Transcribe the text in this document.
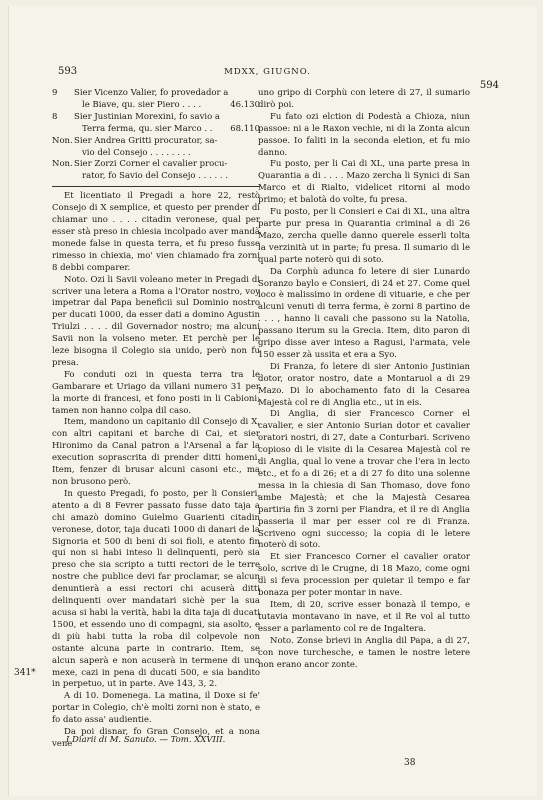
593	MDXX, GIUGNO.
594
9 Sier Vicenzo Valier, fo provedador a
le Biave, qu. sier Piero . . . .	46.130
8 Sier Justinian Morexini, fo savio a
Terra ferma, qu. sier Marco . . 68.110
Non.Sier Andrea Gritti procurator, sa-
vio del Consejo . . . . . . . .
Non.Sier Zorzi Corner el cavalier procu-
rator, fo Savio del Consejo . . . . . .

Et licentiato il Pregadi a hore 22, restò Consejo di X semplice, et questo per prender di chiamar uno . . . . citadin veronese, qual per esser stà preso in chiesia incolpado aver mandà monede false in questa terra, et fu preso fusse rimesso in chiexia, mo' vien chiamado fra zorni 8 debbi comparer.

Noto. Ozi li Savii voleano meter in Pregadi di scriver una letera a Roma a l'Orator nostro, voy impetrar dal Papa beneficii sul Dominio nostro per ducati 1000, da esser dati a domino Agustin Triulzi . . . . dil Governador nostro; ma alcuni Savii non la volseno meter. Et perchè per le leze bisogna il Colegio sia unido, però non fu presa.

Fo conduti ozi in questa terra tra le Gambarare et Uriago da villani numero 31 per la morte di francesi, et fono posti in li Cabioni; tamen non hanno colpa dil caso.

Item, mandono un capitanio dil Consejo di X, con altri capitani et barche di Cai, et sier Hironimo da Canal patron a l'Arsenal a far la execution soprascrita di prender ditti homeni. Item, fenzer di brusar alcuni casoni etc., ma non brusono però.

In questo Pregadi, fo posto, per li Consieri, atento a di 8 Fevrer passato fusse dato taja a chi amazò domino Guielmo Guarienti citadin veronese, dotor, taja ducati 1000 di danari de la Signoria et 500 di beni di soi fioli, e atento fin qui non si habi inteso li delinquenti, però sia preso che sia scripto a tutti rectori de le terre nostre che publice devi far proclamar, se alcun denuntierà a essi rectori chi acuserà ditti delinquenti over mandatari sichè per la sua acusa si habi la verità, habi la dita taja di ducati 1500, et essendo uno di compagni, sia asolto, e di più habi tutta la roba dil colpevole non ostante alcuna parte in contrario. Item, se alcun saperà e non acuserà in termene di uno mexe, cazi in pena di ducati 500, e sia bandito in perpetuo, ut in parte. Ave 143, 3, 2.

A di 10. Domenega. La matina, il Doxe si fe' portar in Colegio, ch'è molti zorni non è stato, e fo dato assa' audientie.

Da poi disnar, fo Gran Consejo, et a nona vene

341*
I Diarii di M. Sanuto. — Tom. XXVIII.

uno gripo di Corphù con letere di 27, il sumario dirò poi.

Fu fato ozi elction di Podestà a Chioza, niun passoe: ni a le Raxon vechie, ni di la Zonta alcun passoe. Io faliti in la seconda eletion, et fu mio danno.

Fu posto, per li Cai di XL, una parte presa in Quarantia a di . . . . Mazo zercha li Synici di San Marco et di Rialto, videlicet ritorni al modo primo; et balotà do volte, fu presa.

Fu posto, per li Consieri e Cai di XL, una altra parte pur presa in Quarantia criminal a di 26 Mazo, zercha quelle danno querele esserli tolta la verzinità ut in parte; fu presa. Il sumario di le qual parte noterò qui di soto.

Da Corphù adunca fo letere di sier Lunardo Soranzo baylo e Consieri, di 24 et 27. Come quel loco è malissimo in ordene di vituarie, e che per alcuni venuti di terra ferma, è zorni 8 partino de . . . , hanno li cavali che passono su la Natolia, passano iterum su la Grecia. Item, dito paron di gripo disse aver inteso a Ragusi, l'armata, vele 150 esser zà ussita et era a Syo.

Di Franza, fo letere di sier Antonio Justinian dotor, orator nostro, date a Montaruol a di 29 Mazo. Di lo abochamento fato di la Cesarea Majestà col re di Anglia etc., ut in eis.

Di Anglia, di sier Francesco Corner el cavalier, e sier Antonio Surian dotor et cavalier oratori nostri, di 27, date a Conturbari. Scriveno copioso di le visite di la Cesarea Majestà col re di Anglia, qual lo vene a trovar che l'era in lecto etc., et fo a di 26; et a di 27 fo dito una solenne messa in la chiesia di San Thomaso, dove fono ambe Majestà; et che la Majestà Cesarea partiria fin 3 zorni per Fiandra, et il re di Anglia passeria il mar per esser col re di Franza. Scriveno ogni successo; la copia di le letere noterò di soto.

Et sier Francesco Corner el cavalier orator solo, scrive di le Crugne, di 18 Mazo, come ogni dì si feva procession per quietar il tempo e far bonaza per poter montar in nave.

Item, di 20, scrive esser bonazà il tempo, e tutavia montavano in nave, et il Re vol al tutto esser a parlamento col re de Ingaltera.

Noto. Zonse brievi in Anglia dil Papa, a di 27, con nove turchesche, e tamen le nostre letere non erano ancor zonte.

38
